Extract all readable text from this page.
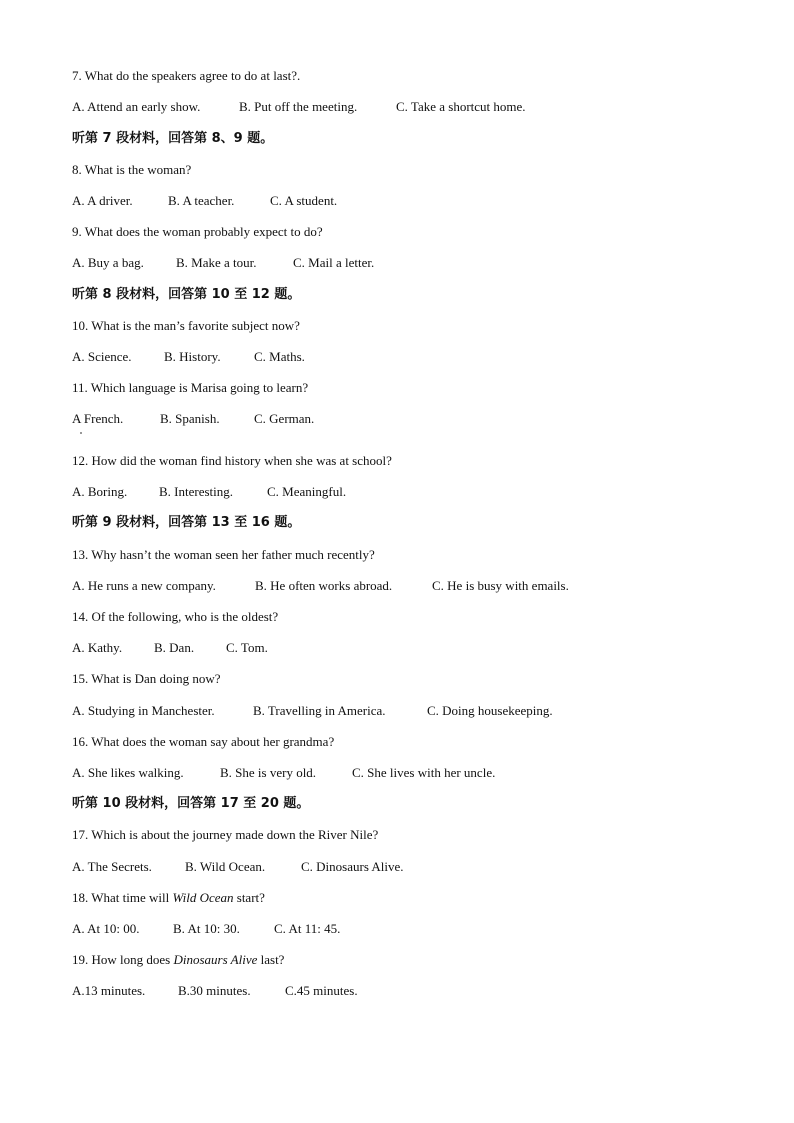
7. What do the speakers agree to do at last?.
A. Attend an early show.	B. Put off the meeting.	C. Take a shortcut home.
听第 7 段材料，回答第 8、9 题。
8. What is the woman?
A. A driver.	B. A teacher.	C. A student.
9. What does the woman probably expect to do?
A. Buy a bag. B. Make a tour.	C. Mail a letter.
听第 8 段材料，回答第 10 至 12 题。
10. What is the man’s favorite subject now?
A. Science. B. History.	C. Maths.
11. Which language is Marisa going to learn?
A French.	B. Spanish.	C. German.
12. How did the woman find history when she was at school?
A. Boring. B. Interesting.	C. Meaningful.
听第 9 段材料，回答第 13 至 16 题。
13. Why hasn’t the woman seen her father much recently?
A. He runs a new company.	B. He often works abroad.	C. He is busy with emails.
14. Of the following, who is the oldest?
A. Kathy. B. Dan. C. Tom.
15. What is Dan doing now?
A. Studying in Manchester.	B. Travelling in America.	C. Doing housekeeping.
16. What does the woman say about her grandma?
A. She likes walking.	B. She is very old.	C. She lives with her uncle.
听第 10 段材料，回答第 17 至 20 题。
17. Which is about the journey made down the River Nile?
A. The Secrets.	B. Wild Ocean.	C. Dinosaurs Alive.
18. What time will Wild Ocean start?
A. At 10: 00.	B. At 10: 30.	C. At 11: 45.
19. How long does Dinosaurs Alive last?
A.13 minutes.	B.30 minutes.	C.45 minutes.
